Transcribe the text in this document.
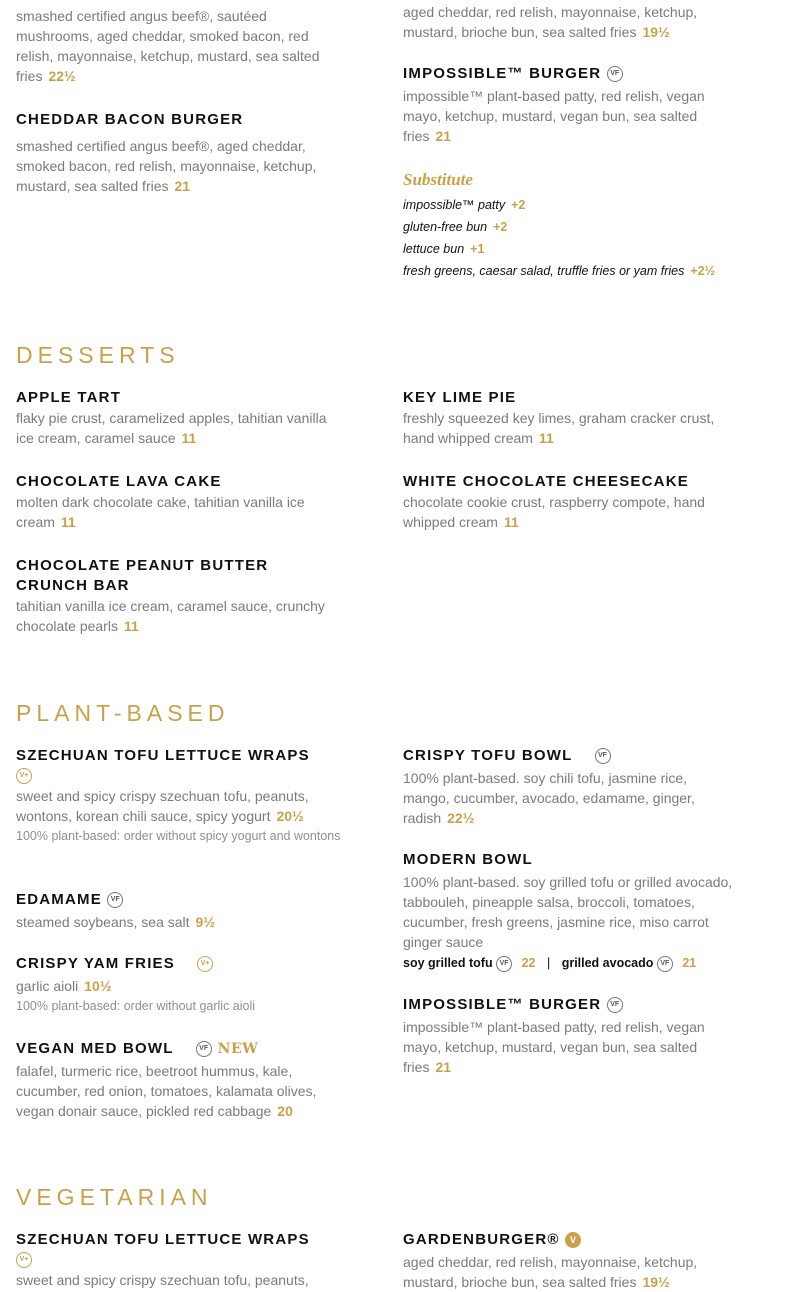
smashed certified angus beef®, sautéed mushrooms, aged cheddar, smoked bacon, red relish, mayonnaise, ketchup, mustard, sea salted fries 22½

CHEDDAR BACON BURGER

smashed certified angus beef®, aged cheddar, smoked bacon, red relish, mayonnaise, ketchup, mustard, sea salted fries 21

aged cheddar, red relish, mayonnaise, ketchup, mustard, brioche bun, sea salted fries 19½

IMPOSSIBLE™ BURGER VF

impossible™ plant-based patty, red relish, vegan mayo, ketchup, mustard, vegan bun, sea salted fries 21

Substitute
impossible™ patty +2
gluten-free bun +2
lettuce bun +1
fresh greens, caesar salad, truffle fries or yam fries +2½
DESSERTS
APPLE TART

flaky pie crust, caramelized apples, tahitian vanilla ice cream, caramel sauce 11

CHOCOLATE LAVA CAKE

molten dark chocolate cake, tahitian vanilla ice cream 11

CHOCOLATE PEANUT BUTTER
CRUNCH BAR

tahitian vanilla ice cream, caramel sauce, crunchy chocolate pearls 11

KEY LIME PIE

freshly squeezed key limes, graham cracker crust, hand whipped cream 11

WHITE CHOCOLATE CHEESECAKE

chocolate cookie crust, raspberry compote, hand whipped cream 11

PLANT-BASED
SZECHUAN TOFU LETTUCE WRAPS
V+

sweet and spicy crispy szechuan tofu, peanuts, wontons, korean chili sauce, spicy yogurt 20½

100% plant-based: order without spicy yogurt and wontons

EDAMAME VF

steamed soybeans, sea salt 9½

CRISPY YAM FRIES	V+

garlic aioli 10½

100% plant-based: order without garlic aioli

VEGAN MED BOWL	VF NEW

falafel, turmeric rice, beetroot hummus, kale, cucumber, red onion, tomatoes, kalamata olives, vegan donair sauce, pickled red cabbage 20

CRISPY TOFU BOWL	VF

100% plant-based. soy chili tofu, jasmine rice, mango, cucumber, avocado, edamame, ginger, radish 22½

MODERN BOWL

100% plant-based. soy grilled tofu or grilled avocado, tabbouleh, pineapple salsa, broccoli, tomatoes, cucumber, fresh greens, jasmine rice, miso carrot ginger sauce

soy grilled tofu VF 22 | grilled avocado VF 21
IMPOSSIBLE™ BURGER VF

impossible™ plant-based patty, red relish, vegan mayo, ketchup, mustard, vegan bun, sea salted fries 21

VEGETARIAN
SZECHUAN TOFU LETTUCE WRAPS
V+

sweet and spicy crispy szechuan tofu, peanuts,

GARDENBURGER® V

aged cheddar, red relish, mayonnaise, ketchup, mustard, brioche bun, sea salted fries 19½
